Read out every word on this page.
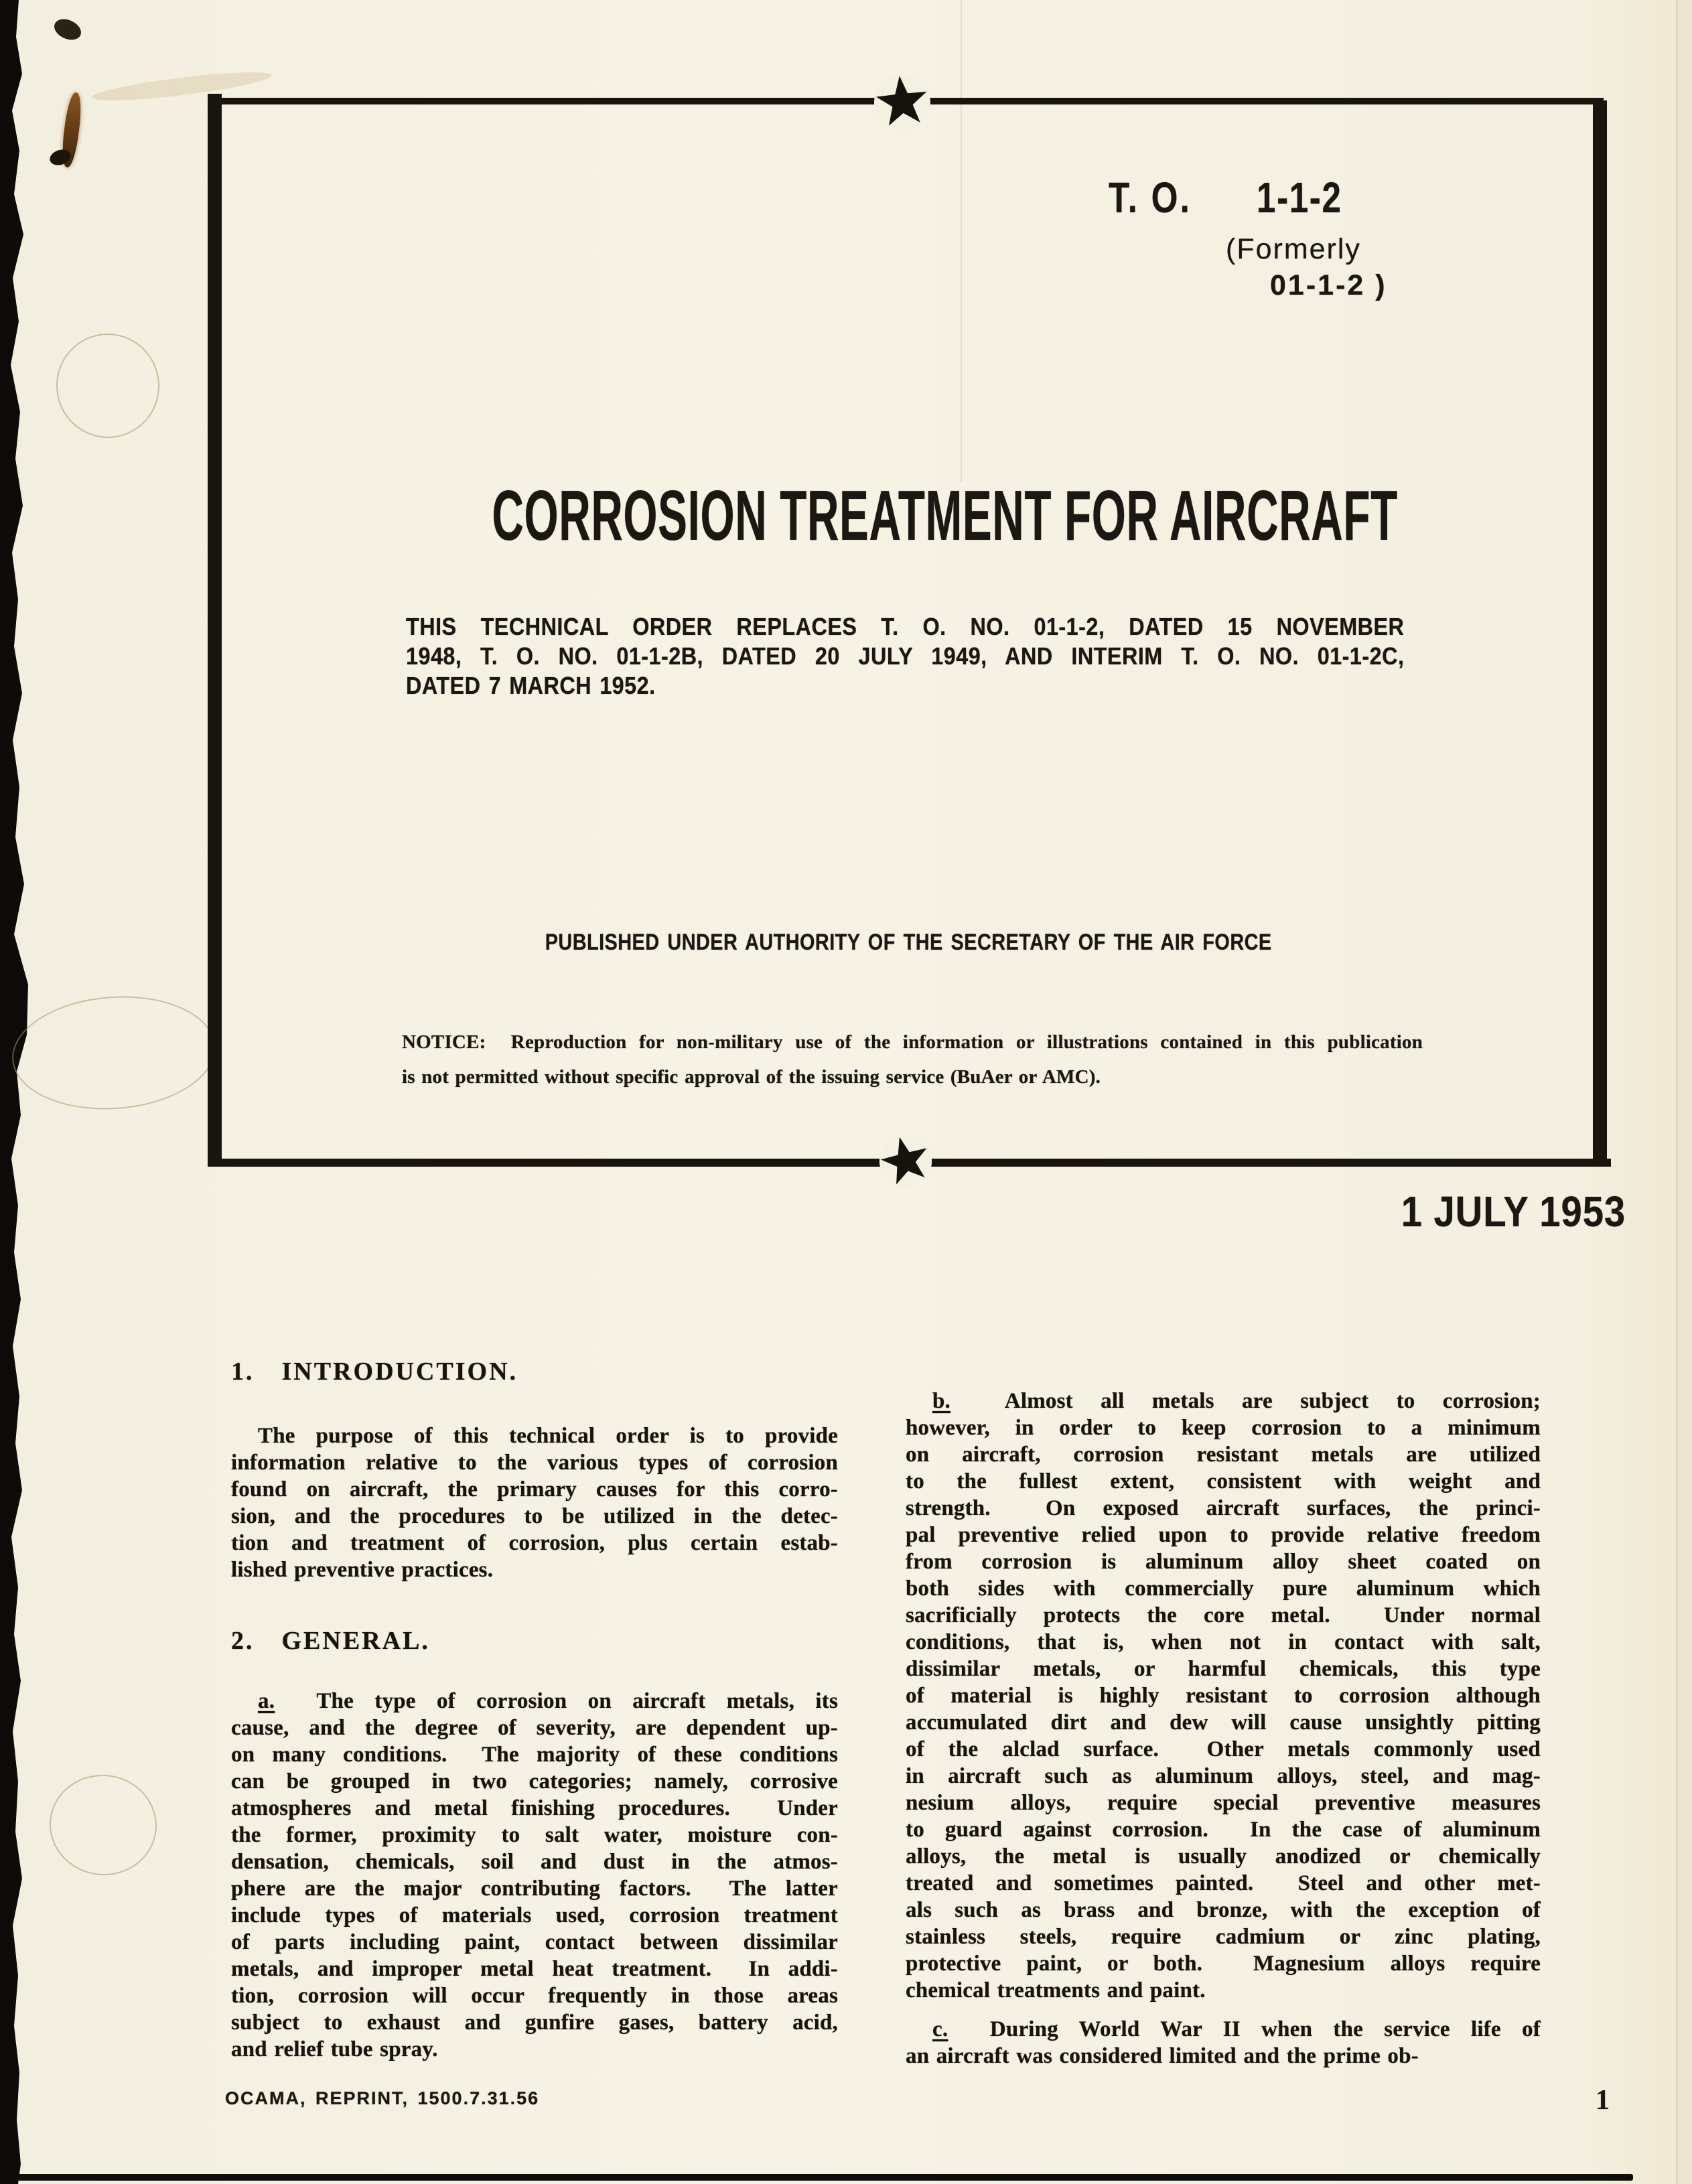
T. O.	1-1-2
(Formerly
01-1-2 )
CORROSION TREATMENT FOR AIRCRAFT
THIS TECHNICAL ORDER REPLACES T. O. NO. 01-1-2, DATED 15 NOVEMBER
1948, T. O. NO. 01-1-2B, DATED 20 JULY 1949, AND INTERIM T. O. NO. 01-1-2C,
DATED 7 MARCH 1952.
PUBLISHED UNDER AUTHORITY OF THE SECRETARY OF THE AIR FORCE
NOTICE:  Reproduction for non-military use of the information or illustrations contained in this publication
is not permitted without specific approval of the issuing service (BuAer or AMC).
1 JULY 1953
1.  INTRODUCTION.
The purpose of this technical order is to provide
information relative to the various types of corrosion
found on aircraft, the primary causes for this corro-
sion, and the procedures to be utilized in the detec-
tion and treatment of corrosion, plus certain estab-
lished preventive practices.
2.  GENERAL.
a.  The type of corrosion on aircraft metals, its
cause, and the degree of severity, are dependent up-
on many conditions.  The majority of these conditions
can be grouped in two categories; namely, corrosive
atmospheres and metal finishing procedures.  Under
the former, proximity to salt water, moisture con-
densation, chemicals, soil and dust in the atmos-
phere are the major contributing factors.  The latter
include types of materials used, corrosion treatment
of parts including paint, contact between dissimilar
metals, and improper metal heat treatment.  In addi-
tion, corrosion will occur frequently in those areas
subject to exhaust and gunfire gases, battery acid,
and relief tube spray.
b.  Almost all metals are subject to corrosion;
however, in order to keep corrosion to a minimum
on aircraft, corrosion resistant metals are utilized
to the fullest extent, consistent with weight and
strength.  On exposed aircraft surfaces, the princi-
pal preventive relied upon to provide relative freedom
from corrosion is aluminum alloy sheet coated on
both sides with commercially pure aluminum which
sacrificially protects the core metal.  Under normal
conditions, that is, when not in contact with salt,
dissimilar metals, or harmful chemicals, this type
of material is highly resistant to corrosion although
accumulated dirt and dew will cause unsightly pitting
of the alclad surface.  Other metals commonly used
in aircraft such as aluminum alloys, steel, and mag-
nesium alloys, require special preventive measures
to guard against corrosion.  In the case of aluminum
alloys, the metal is usually anodized or chemically
treated and sometimes painted.  Steel and other met-
als such as brass and bronze, with the exception of
stainless steels, require cadmium or zinc plating,
protective paint, or both.  Magnesium alloys require
chemical treatments and paint.
c.  During World War II when the service life of
an aircraft was considered limited and the prime ob-
OCAMA, REPRINT, 1500.7.31.56	1
